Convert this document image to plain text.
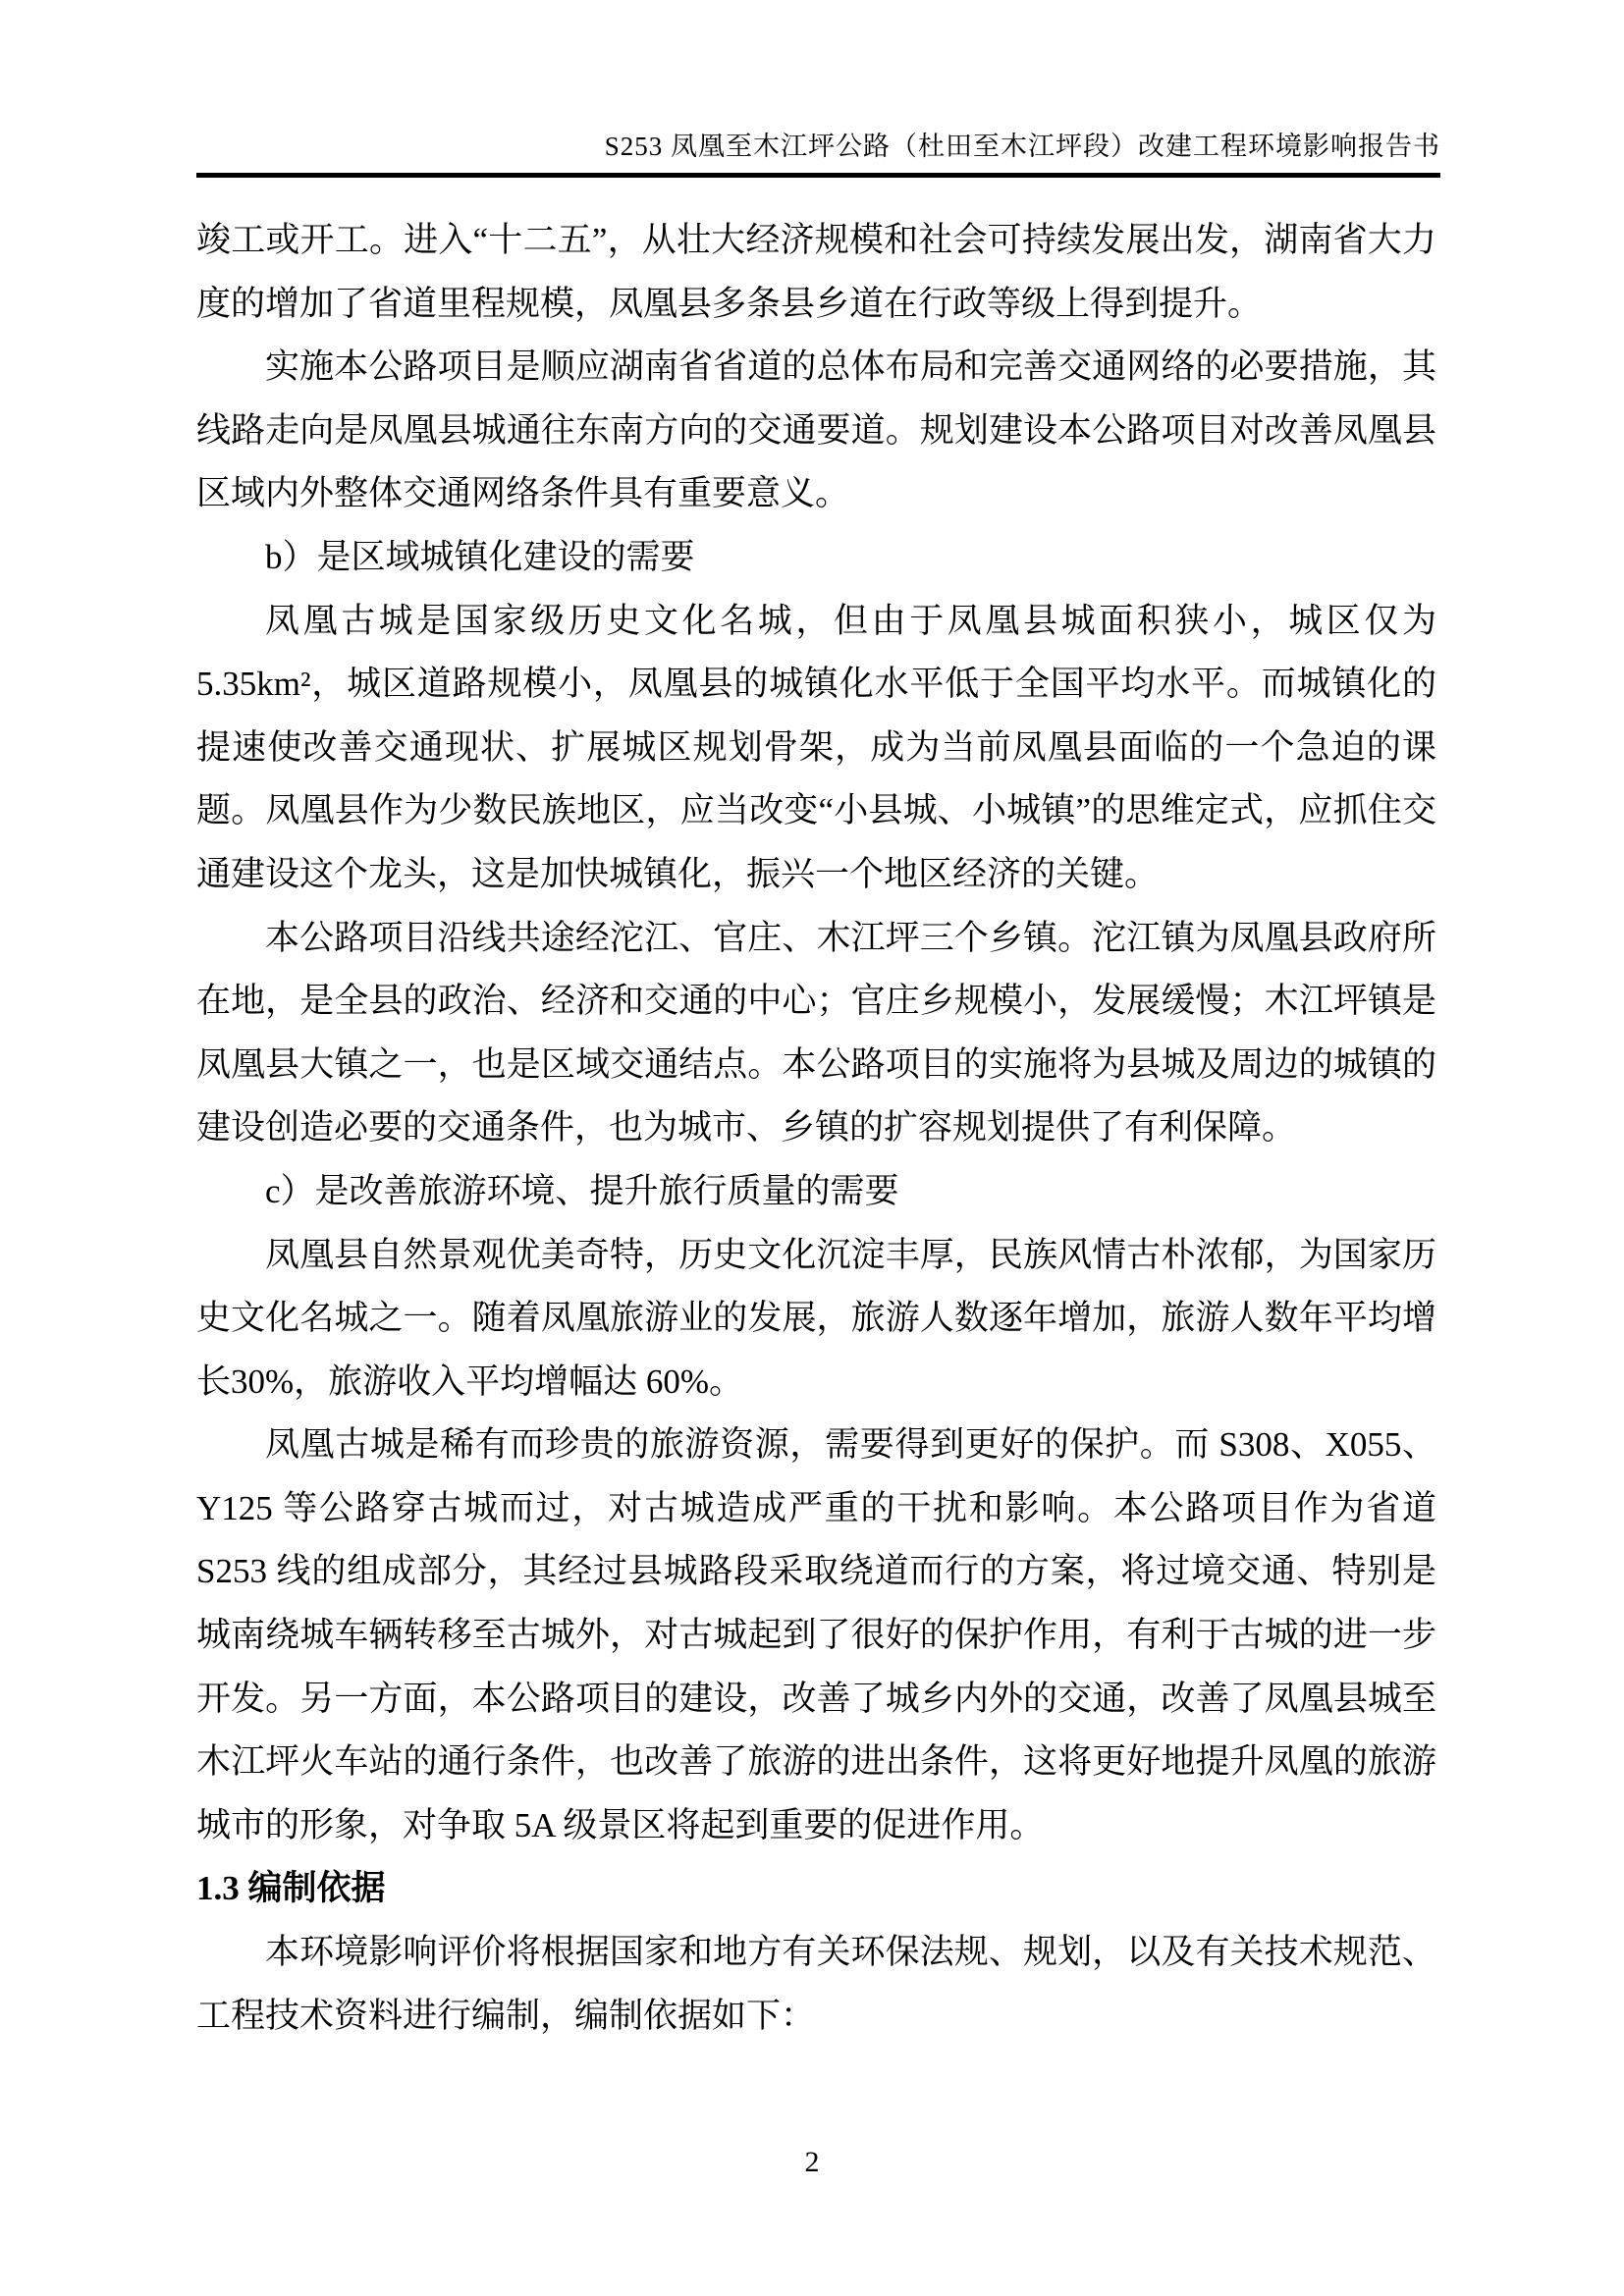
S253 凤凰至木江坪公路（杜田至木江坪段）改建工程环境影响报告书

竣工或开工。进入“十二五”，从壮大经济规模和社会可持续发展出发，湖南省大力度的增加了省道里程规模，凤凰县多条县乡道在行政等级上得到提升。

实施本公路项目是顺应湖南省省道的总体布局和完善交通网络的必要措施，其线路走向是凤凰县城通往东南方向的交通要道。规划建设本公路项目对改善凤凰县区域内外整体交通网络条件具有重要意义。

b）是区域城镇化建设的需要

凤凰古城是国家级历史文化名城，但由于凤凰县城面积狭小，城区仅为 5.35km²，城区道路规模小，凤凰县的城镇化水平低于全国平均水平。而城镇化的提速使改善交通现状、扩展城区规划骨架，成为当前凤凰县面临的一个急迫的课题。凤凰县作为少数民族地区，应当改变“小县城、小城镇”的思维定式，应抓住交通建设这个龙头，这是加快城镇化，振兴一个地区经济的关键。

本公路项目沿线共途经沱江、官庄、木江坪三个乡镇。沱江镇为凤凰县政府所在地，是全县的政治、经济和交通的中心；官庄乡规模小，发展缓慢；木江坪镇是凤凰县大镇之一，也是区域交通结点。本公路项目的实施将为县城及周边的城镇的建设创造必要的交通条件，也为城市、乡镇的扩容规划提供了有利保障。

c）是改善旅游环境、提升旅行质量的需要

凤凰县自然景观优美奇特，历史文化沉淀丰厚，民族风情古朴浓郁，为国家历史文化名城之一。随着凤凰旅游业的发展，旅游人数逐年增加，旅游人数年平均增长30%，旅游收入平均增幅达 60%。

凤凰古城是稀有而珍贵的旅游资源，需要得到更好的保护。而 S308、X055、Y125 等公路穿古城而过，对古城造成严重的干扰和影响。本公路项目作为省道 S253 线的组成部分，其经过县城路段采取绕道而行的方案，将过境交通、特别是城南绕城车辆转移至古城外，对古城起到了很好的保护作用，有利于古城的进一步开发。另一方面，本公路项目的建设，改善了城乡内外的交通，改善了凤凰县城至木江坪火车站的通行条件，也改善了旅游的进出条件，这将更好地提升凤凰的旅游城市的形象，对争取 5A 级景区将起到重要的促进作用。

1.3 编制依据

本环境影响评价将根据国家和地方有关环保法规、规划，以及有关技术规范、工程技术资料进行编制，编制依据如下：

2
